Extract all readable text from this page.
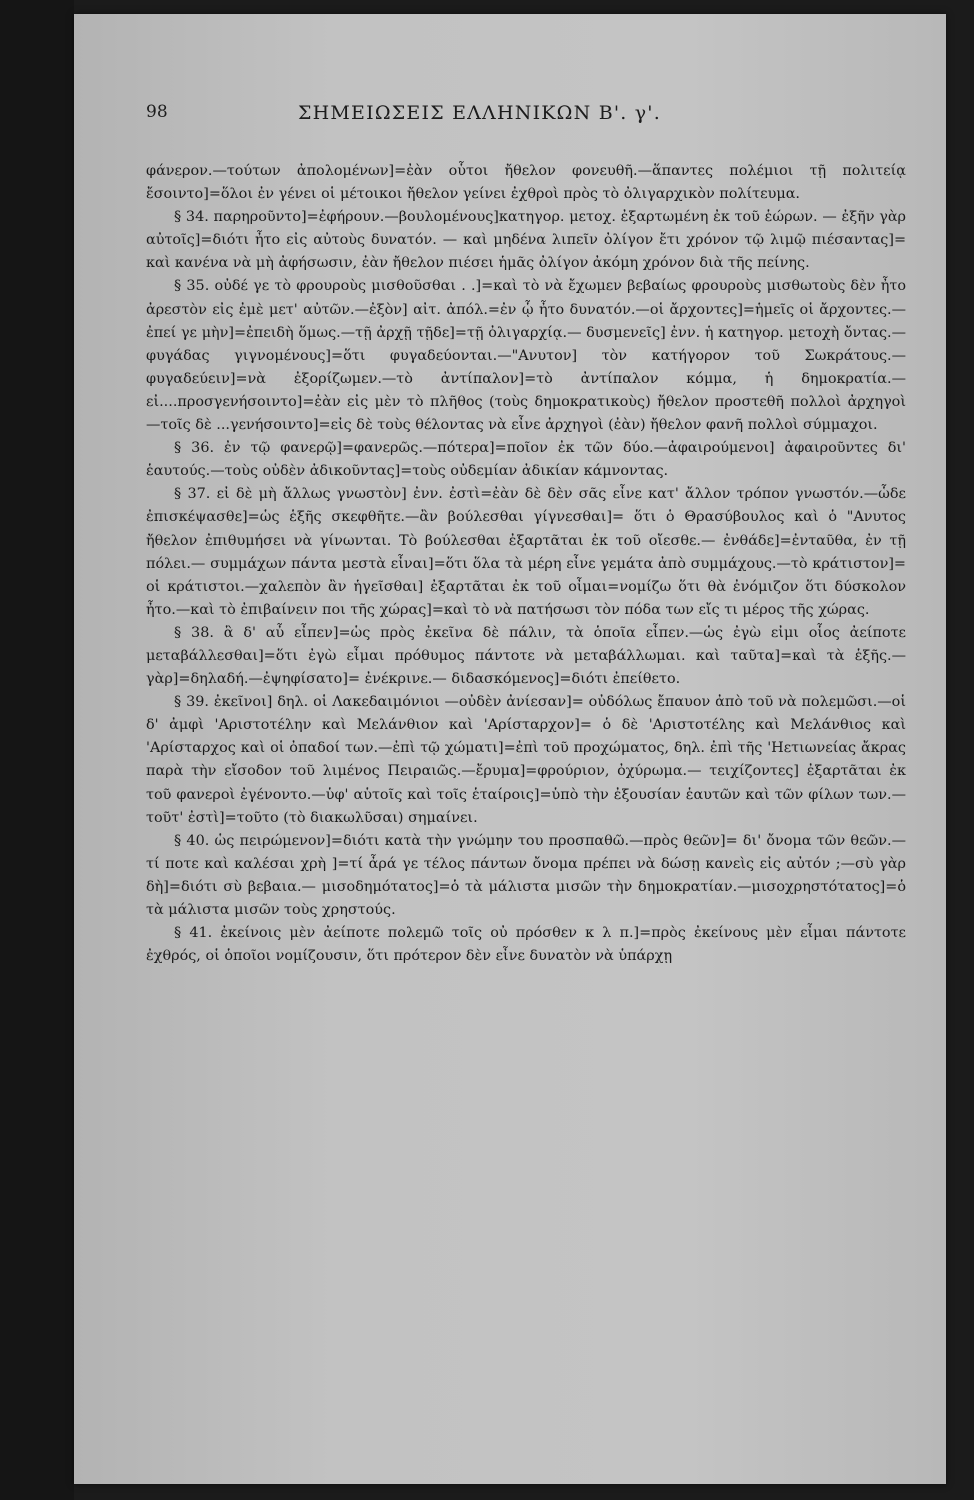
98	ΣΗΜΕΙΩΣΕΙΣ ΕΛΛΗΝΙΚΩΝ Β'. γ'.

φάνερον.—τούτων ἀπολομένων]=ἐὰν οὗτοι ἤθελον φονευθῆ.—ἅπαντες πολέμιοι τῇ πολιτείᾳ ἔσοιντο]=ὅλοι ἐν γένει οἱ μέτοικοι ἤθελον γείνει ἐχθροὶ πρὸς τὸ ὀλιγαρχικὸν πολίτευμα.

§ 34. παρηροῦντο]=ἐφήρουν.—βουλομένους]κατηγορ. μετοχ. ἐξαρτωμένη ἐκ τοῦ ἑώρων. — ἐξῆν γὰρ αὐτοῖς]=διότι ἦτο εἰς αὐτοὺς δυνατόν. — καὶ μηδένα λιπεῖν ὀλίγον ἔτι χρόνον τῷ λιμῷ πιέσαντας]= καὶ κανένα νὰ μὴ ἀφήσωσιν, ἐὰν ἤθελον πιέσει ἡμᾶς ὀλίγον ἀκόμη χρόνον διὰ τῆς πείνης.

§ 35. οὐδέ γε τὸ φρουροὺς μισθοῦσθαι . .]=καὶ τὸ νὰ ἔχωμεν βεβαίως φρουροὺς μισθωτοὺς δὲν ἦτο ἀρεστὸν εἰς ἐμὲ μετ' αὐτῶν.—ἐξὸν] αἰτ. ἀπόλ.=ἐν ᾧ ἦτο δυνατόν.—οἱ ἄρχοντες]=ἡμεῖς οἱ ἄρχοντες.—ἐπεί γε μὴν]=ἐπειδὴ ὅμως.—τῇ ἀρχῇ τῇδε]=τῇ ὀλιγαρχίᾳ.— δυσμενεῖς] ἐνν. ἡ κατηγορ. μετοχὴ ὄντας.—φυγάδας γιγνομένους]=ὅτι φυγαδεύονται.—"Ανυτον] τὸν κατήγορον τοῦ Σωκράτους.—φυγαδεύειν]=νὰ ἐξορίζωμεν.—τὸ ἀντίπαλον]=τὸ ἀντίπαλον κόμμα, ἡ δημοκρατία.—εἰ....προσγενήσοιντο]=ἐὰν εἰς μὲν τὸ πλῆθος (τοὺς δημοκρατικοὺς) ἤθελον προστεθῆ πολλοὶ ἀρχηγοὶ —τοῖς δὲ ...γενήσοιντο]=εἰς δὲ τοὺς θέλοντας νὰ εἶνε ἀρχηγοὶ (ἐὰν) ἤθελον φανῆ πολλοὶ σύμμαχοι.

§ 36. ἐν τῷ φανερῷ]=φανερῶς.—πότερα]=ποῖον ἐκ τῶν δύο.—ἀφαιρούμενοι] ἀφαιροῦντες δι' ἑαυτούς.—τοὺς οὐδὲν ἀδικοῦντας]=τοὺς οὐδεμίαν ἀδικίαν κάμνοντας.

§ 37. εἰ δὲ μὴ ἄλλως γνωστὸν] ἐνν. ἐστὶ=ἐὰν δὲ δὲν σᾶς εἶνε κατ' ἄλλον τρόπον γνωστόν.—ὧδε ἐπισκέψασθε]=ὡς ἑξῆς σκεφθῆτε.—ἂν βούλεσθαι γίγνεσθαι]= ὅτι ὁ Θρασύβουλος καὶ ὁ "Ανυτος ἤθελον ἐπιθυμήσει νὰ γίνωνται. Τὸ βούλεσθαι ἐξαρτᾶται ἐκ τοῦ οἴεσθε.— ἐνθάδε]=ἐνταῦθα, ἐν τῇ πόλει.— συμμάχων πάντα μεστὰ εἶναι]=ὅτι ὅλα τὰ μέρη εἶνε γεμάτα ἀπὸ συμμάχους.—τὸ κράτιστον]= οἱ κράτιστοι.—χαλεπὸν ἂν ἡγεῖσθαι] ἐξαρτᾶται ἐκ τοῦ οἶμαι=νομίζω ὅτι θὰ ἐνόμιζον ὅτι δύσκολον ἦτο.—καὶ τὸ ἐπιβαίνειν ποι τῆς χώρας]=καὶ τὸ νὰ πατήσωσι τὸν πόδα των εἴς τι μέρος τῆς χώρας.

§ 38. ἃ δ' αὖ εἶπεν]=ὡς πρὸς ἐκεῖνα δὲ πάλιν, τὰ ὁποῖα εἶπεν.—ὡς ἐγὼ εἰμι οἷος ἀείποτε μεταβάλλεσθαι]=ὅτι ἐγὼ εἶμαι πρόθυμος πάντοτε νὰ μεταβάλλωμαι. καὶ ταῦτα]=καὶ τὰ ἑξῆς.—γὰρ]=δηλαδή.—ἐψηφίσατο]= ἐνέκρινε.— διδασκόμενος]=διότι ἐπείθετο.

§ 39. ἐκεῖνοι] δηλ. οἱ Λακεδαιμόνιοι —οὐδὲν ἀνίεσαν]= οὐδόλως ἔπαυον ἀπὸ τοῦ νὰ πολεμῶσι.—οἱ δ' ἀμφὶ 'Αριστοτέλην καὶ Μελάνθιον καὶ 'Αρίσταρχον]= ὁ δὲ 'Αριστοτέλης καὶ Μελάνθιος καὶ 'Αρίσταρχος καὶ οἱ ὀπαδοί των.—ἐπὶ τῷ χώματι]=ἐπὶ τοῦ προχώματος, δηλ. ἐπὶ τῆς 'Ηετιωνείας ἄκρας παρὰ τὴν εἴσοδον τοῦ λιμένος Πειραιῶς.—ἔρυμα]=φρούριον, ὀχύρωμα.— τειχίζοντες] ἐξαρτᾶται ἐκ τοῦ φανεροὶ ἐγένοντο.—ὑφ' αὑτοῖς καὶ τοῖς ἑταίροις]=ὑπὸ τὴν ἐξουσίαν ἑαυτῶν καὶ τῶν φίλων των.—τοῦτ' ἐστὶ]=τοῦτο (τὸ διακωλῦσαι) σημαίνει.

§ 40. ὡς πειρώμενον]=διότι κατὰ τὴν γνώμην του προσπαθῶ.—πρὸς θεῶν]= δι' ὄνομα τῶν θεῶν.—τί ποτε καὶ καλέσαι χρὴ ]=τί ἆρά γε τέλος πάντων ὄνομα πρέπει νὰ δώσῃ κανεὶς εἰς αὐτόν ;—σὺ γὰρ δὴ]=διότι σὺ βεβαια.— μισοδημότατος]=ὁ τὰ μάλιστα μισῶν τὴν δημοκρατίαν.—μισοχρηστότατος]=ὁ τὰ μάλιστα μισῶν τοὺς χρηστούς.

§ 41. ἐκείνοις μὲν ἀείποτε πολεμῶ τοῖς οὐ πρόσθεν κ λ π.]=πρὸς ἐκείνους μὲν εἶμαι πάντοτε ἐχθρός, οἱ ὁποῖοι νομίζουσιν, ὅτι πρότερον δὲν εἶνε δυνατὸν νὰ ὑπάρχῃ
